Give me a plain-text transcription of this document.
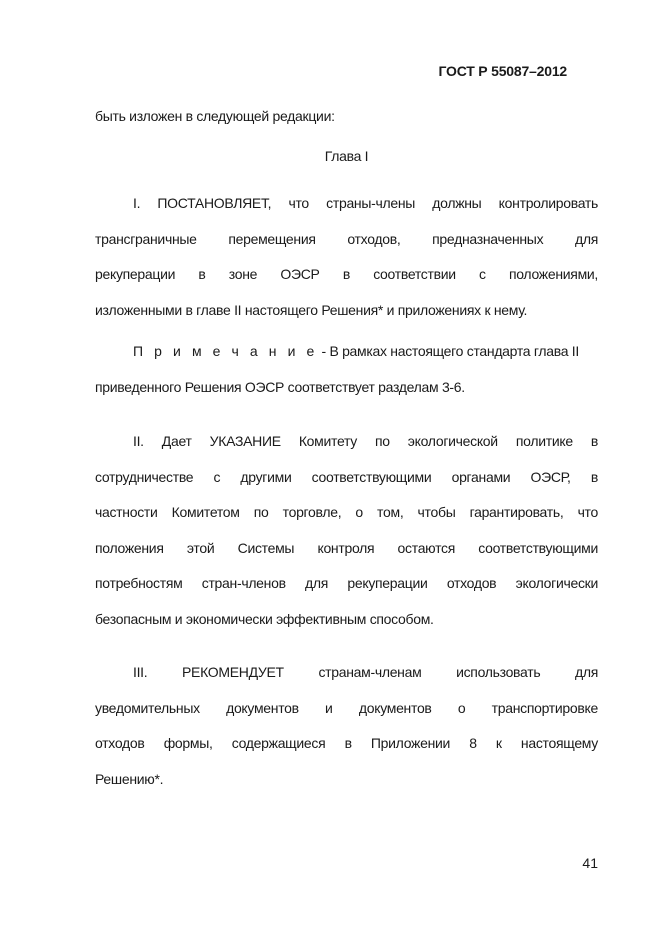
ГОСТ Р 55087–2012
быть изложен в следующей редакции:
Глава I
I. ПОСТАНОВЛЯЕТ, что страны-члены должны контролировать
трансграничные перемещения отходов, предназначенных для
рекуперации в зоне ОЭСР в соответствии с положениями,
изложенными в главе II настоящего Решения* и приложениях к нему.
П р и м е ч а н и е - В рамках настоящего стандарта глава II
приведенного Решения ОЭСР соответствует разделам 3-6.
II. Дает УКАЗАНИЕ Комитету по экологической политике в
сотрудничестве с другими соответствующими органами ОЭСР, в
частности Комитетом по торговле, о том, чтобы гарантировать, что
положения этой Системы контроля остаются соответствующими
потребностям стран-членов для рекуперации отходов экологически
безопасным и экономически эффективным способом.
III. РЕКОМЕНДУЕТ странам-членам использовать для
уведомительных документов и документов о транспортировке
отходов формы, содержащиеся в Приложении 8 к настоящему
Решению*.
41
